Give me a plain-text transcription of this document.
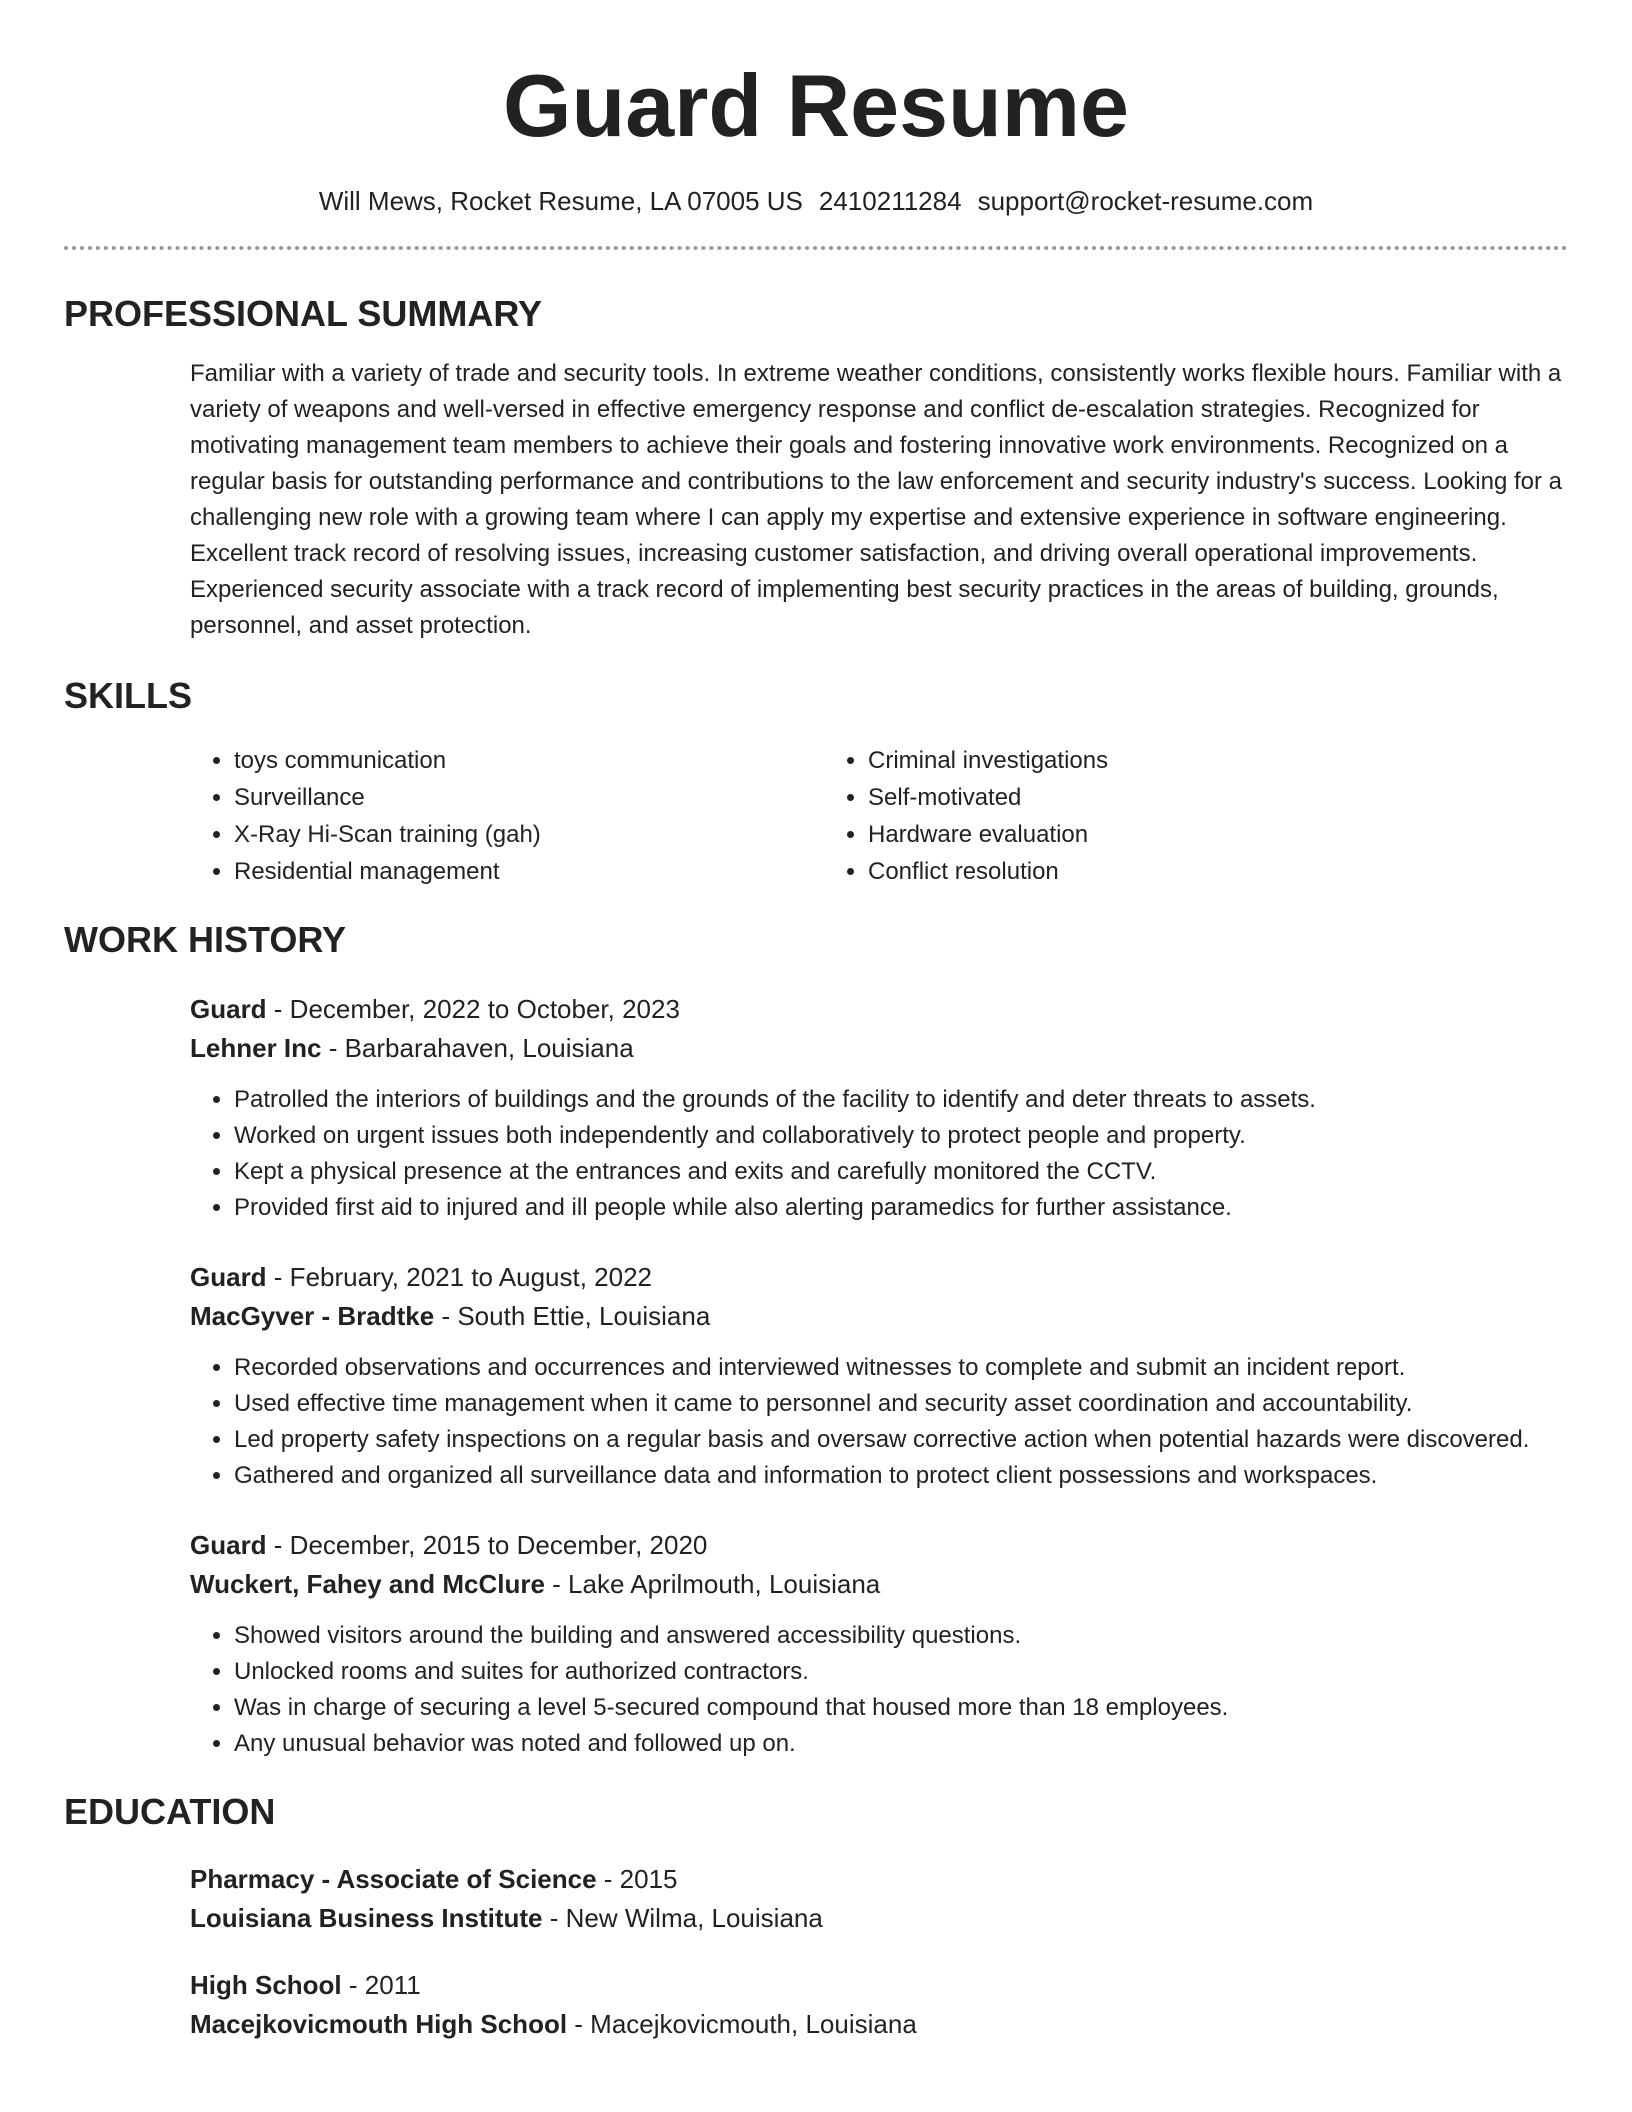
Guard Resume
Will Mews, Rocket Resume, LA 07005 US 2410211284 support@rocket-resume.com
PROFESSIONAL SUMMARY

Familiar with a variety of trade and security tools. In extreme weather conditions, consistently works flexible hours. Familiar with a variety of weapons and well-versed in effective emergency response and conflict de-escalation strategies. Recognized for motivating management team members to achieve their goals and fostering innovative work environments. Recognized on a regular basis for outstanding performance and contributions to the law enforcement and security industry's success. Looking for a challenging new role with a growing team where I can apply my expertise and extensive experience in software engineering. Excellent track record of resolving issues, increasing customer satisfaction, and driving overall operational improvements. Experienced security associate with a track record of implementing best security practices in the areas of building, grounds, personnel, and asset protection.

SKILLS
• toys communication
• Surveillance
• X-Ray Hi-Scan training (gah)
• Residential management
• Criminal investigations
• Self-motivated
• Hardware evaluation
• Conflict resolution
WORK HISTORY
Guard - December, 2022 to October, 2023
Lehner Inc - Barbarahaven, Louisiana
• Patrolled the interiors of buildings and the grounds of the facility to identify and deter threats to assets.
• Worked on urgent issues both independently and collaboratively to protect people and property.
• Kept a physical presence at the entrances and exits and carefully monitored the CCTV.
• Provided first aid to injured and ill people while also alerting paramedics for further assistance.
Guard - February, 2021 to August, 2022
MacGyver - Bradtke - South Ettie, Louisiana
• Recorded observations and occurrences and interviewed witnesses to complete and submit an incident report.
• Used effective time management when it came to personnel and security asset coordination and accountability.
• Led property safety inspections on a regular basis and oversaw corrective action when potential hazards were discovered.
• Gathered and organized all surveillance data and information to protect client possessions and workspaces.
Guard - December, 2015 to December, 2020
Wuckert, Fahey and McClure - Lake Aprilmouth, Louisiana
• Showed visitors around the building and answered accessibility questions.
• Unlocked rooms and suites for authorized contractors.
• Was in charge of securing a level 5-secured compound that housed more than 18 employees.
• Any unusual behavior was noted and followed up on.
EDUCATION
Pharmacy - Associate of Science - 2015
Louisiana Business Institute - New Wilma, Louisiana
High School - 2011
Macejkovicmouth High School - Macejkovicmouth, Louisiana
